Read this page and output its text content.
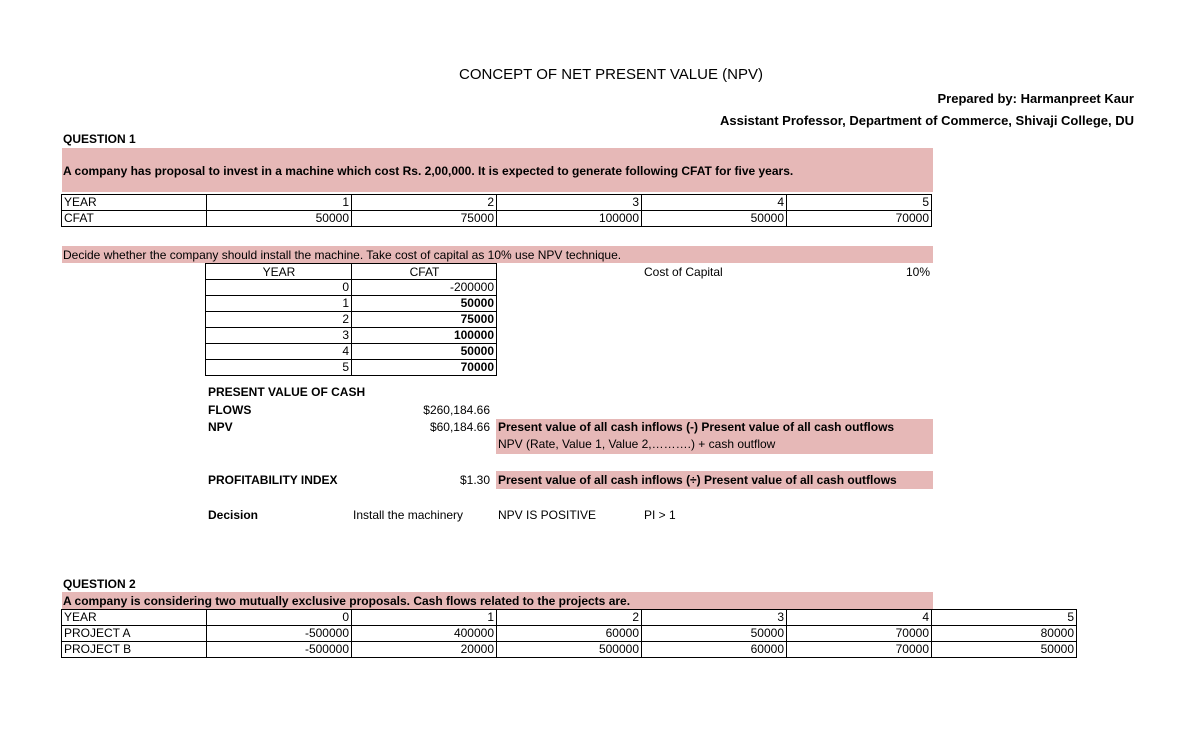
CONCEPT OF NET PRESENT VALUE (NPV)
Prepared by: Harmanpreet Kaur
Assistant Professor, Department of Commerce, Shivaji College, DU
QUESTION 1
A company has proposal to invest in a machine which cost Rs. 2,00,000. It is expected to generate following CFAT for five years.
YEAR	1	2	3	4	5
CFAT	50000	75000	100000	50000	70000
Decide whether the company should install the machine. Take cost of capital as 10% use NPV technique.
YEAR	CFAT

0	-200000
1	50000
2	75000
3	100000
4	50000
5	70000
Cost of Capital	10%
PRESENT VALUE OF CASH
FLOWS	$260,184.66
NPV	$60,184.66 Present value of all cash inflows (-) Present value of all cash outflows
NPV (Rate, Value 1, Value 2,……….) + cash outflow
PROFITABILITY INDEX	$1.30 Present value of all cash inflows (÷) Present value of all cash outflows
Decision	Install the machinery	NPV IS POSITIVE	PI > 1
QUESTION 2
A company is considering two mutually exclusive proposals. Cash flows related to the projects are.
YEAR	0	1	2	3	4	5
PROJECT A	-500000	400000	60000	50000	70000	80000
PROJECT B	-500000	20000	500000	60000	70000	50000
